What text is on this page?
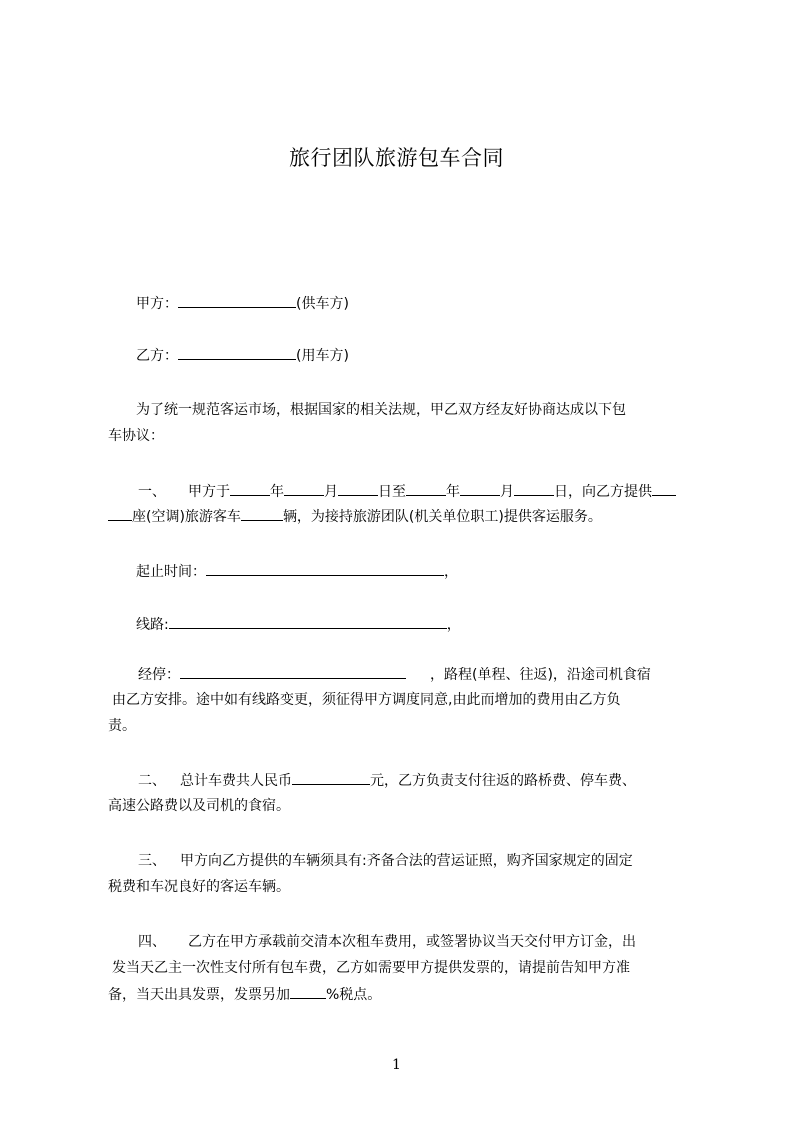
旅行团队旅游包车合同
甲方：	(供车方)
乙方：	(用车方)
为了统一规范客运市场，根据国家的相关法规，甲乙双方经友好协商达成以下包
车协议：
一、 甲方于	年	月	日至	年	月	日，向乙方提供
座(空调)旅游客车	辆，为接持旅游团队(机关单位职工)提供客运服务。
起止时间：	，
线路:	，
经停：	，路程(单程、往返)，沿途司机食宿
由乙方安排。途中如有线路变更，须征得甲方调度同意,由此而增加的费用由乙方负
责。
二、 总计车费共人民币	元，乙方负责支付往返的路桥费、停车费、
高速公路费以及司机的食宿。
三、 甲方向乙方提供的车辆须具有:齐备合法的营运证照，购齐国家规定的固定
税费和车况良好的客运车辆。
四、 乙方在甲方承载前交清本次租车费用，或签署协议当天交付甲方订金，出
发当天乙主一次性支付所有包车费，乙方如需要甲方提供发票的，请提前告知甲方准
备，当天出具发票，发票另加	%税点。
1
